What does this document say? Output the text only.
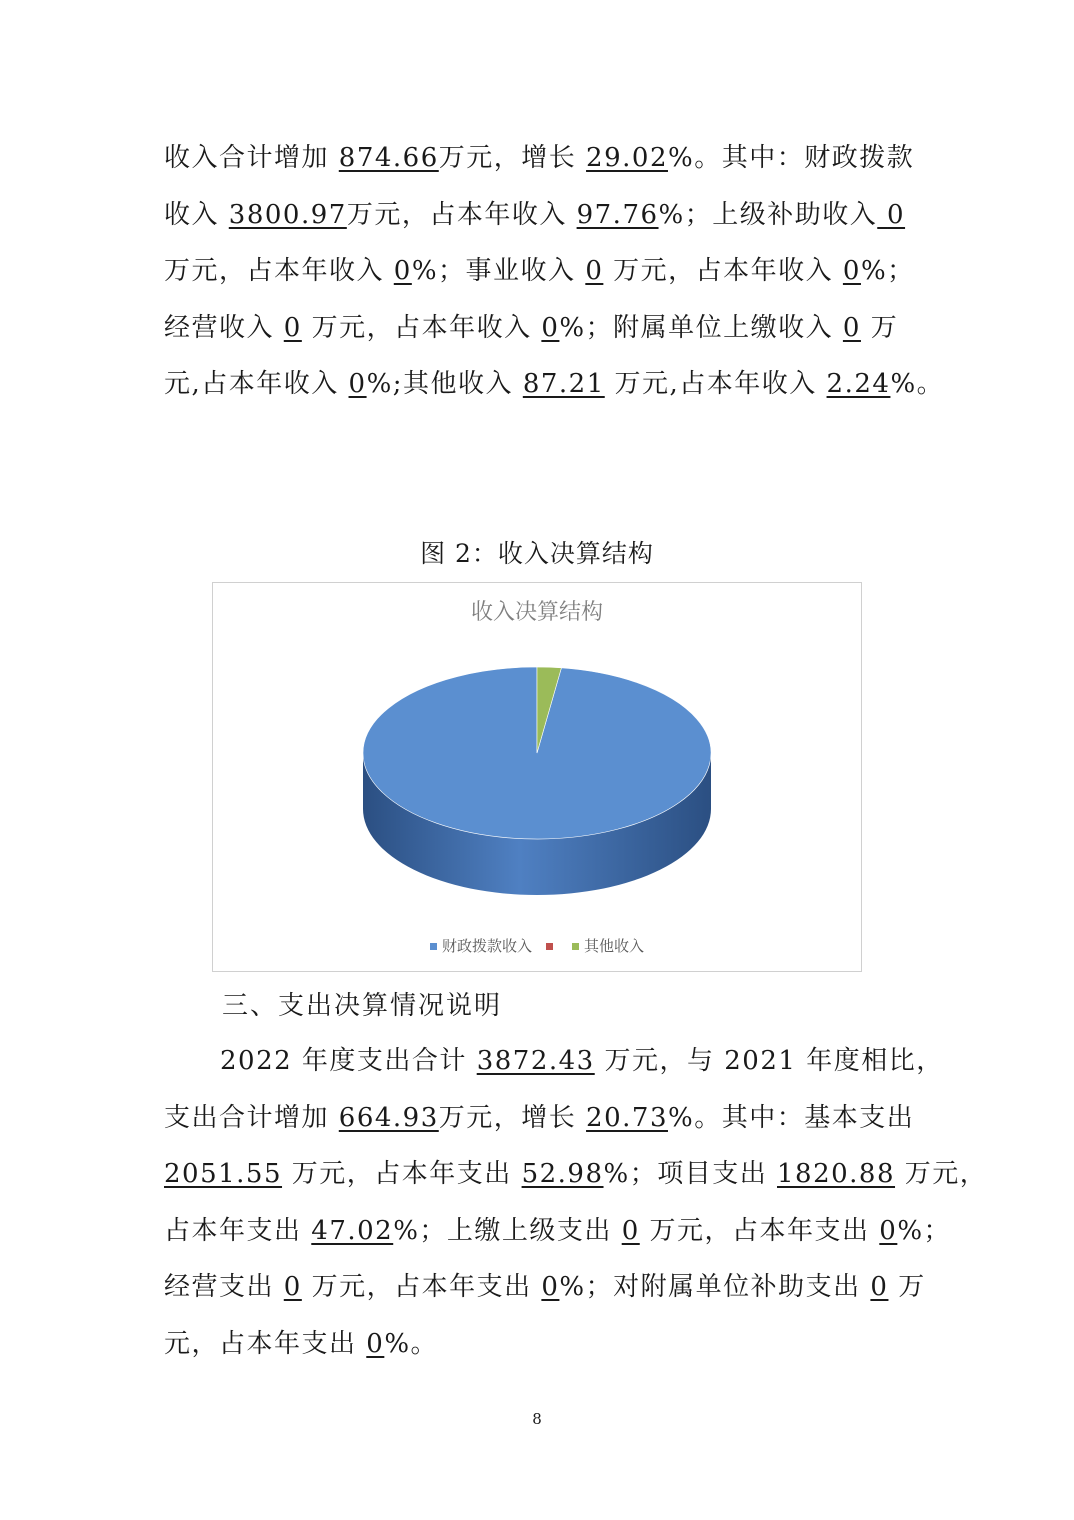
收入合计增加 874.66万元，增长 29.02%。其中：财政拨款

收入 3800.97万元，占本年收入 97.76%；上级补助收入 0

万元，占本年收入 0%；事业收入 0 万元，占本年收入 0%；

经营收入 0 万元，占本年收入 0%；附属单位上缴收入 0 万

元,占本年收入 0%;其他收入 87.21 万元,占本年收入 2.24%。

图 2：收入决算结构
收入决算结构
财政拨款收入	其他收入
三、支出决算情况说明

2022 年度支出合计 3872.43 万元，与 2021 年度相比，

支出合计增加 664.93万元，增长 20.73%。其中：基本支出

2051.55 万元，占本年支出 52.98%；项目支出 1820.88 万元，

占本年支出 47.02%；上缴上级支出 0 万元，占本年支出 0%；

经营支出 0 万元，占本年支出 0%；对附属单位补助支出 0 万

元，占本年支出 0%。

8
